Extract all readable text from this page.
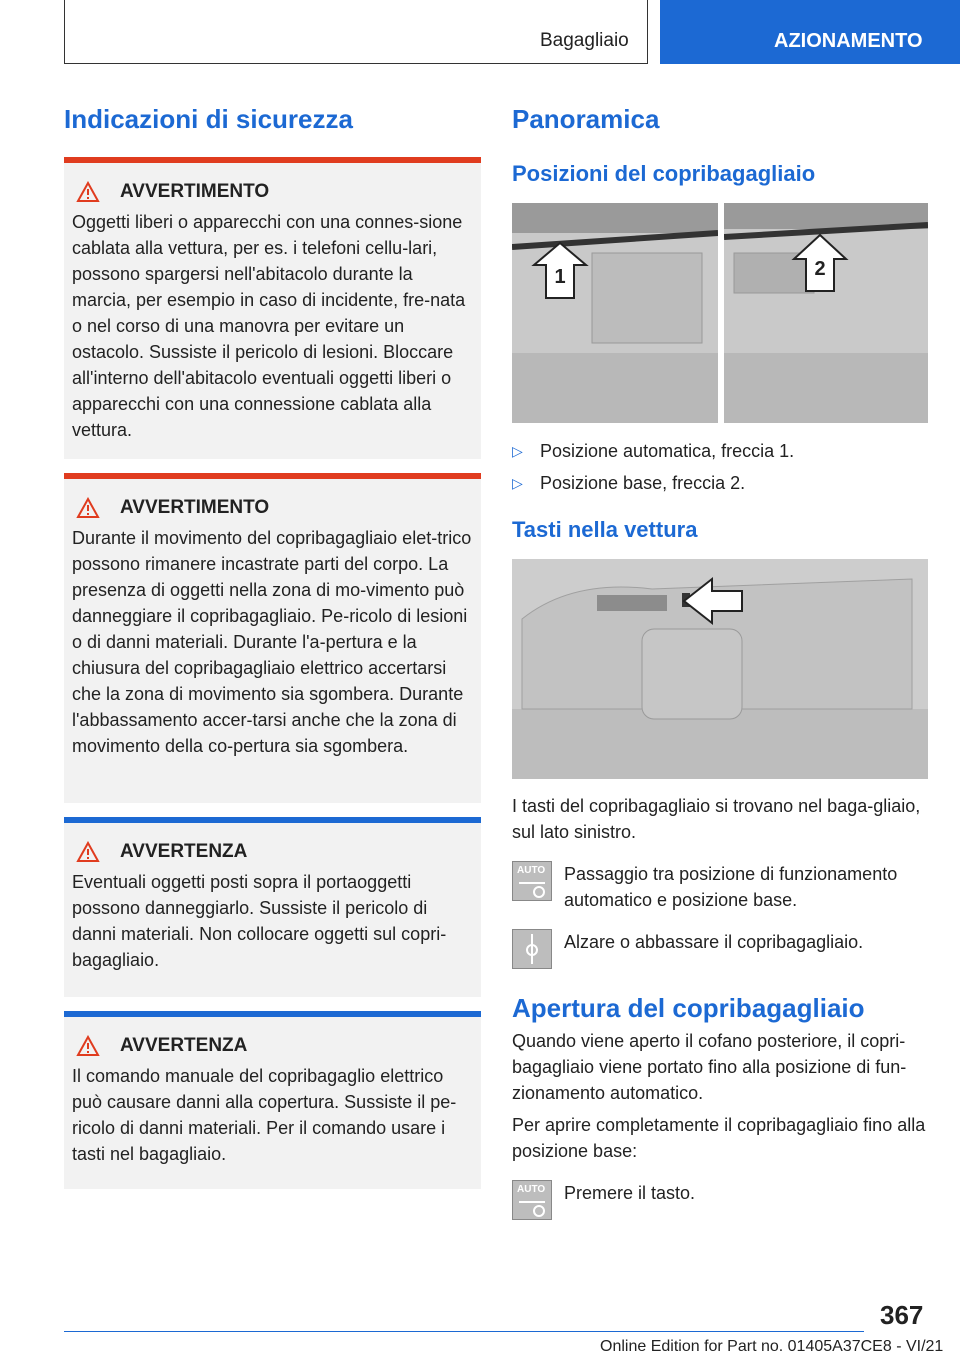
Bagagliaio	AZIONAMENTO
Indicazioni di sicurezza
AVVERTIMENTO
Oggetti liberi o apparecchi con una connes-sione cablata alla vettura, per es. i telefoni cellu-lari, possono spargersi nell'abitacolo durante la marcia, per esempio in caso di incidente, fre-nata o nel corso di una manovra per evitare un ostacolo. Sussiste il pericolo di lesioni. Bloccare all'interno dell'abitacolo eventuali oggetti liberi o apparecchi con una connessione cablata alla vettura.
AVVERTIMENTO
Durante il movimento del copribagagliaio elet-trico possono rimanere incastrate parti del corpo. La presenza di oggetti nella zona di mo-vimento può danneggiare il copribagagliaio. Pe-ricolo di lesioni o di danni materiali. Durante l'a-pertura e la chiusura del copribagagliaio elettrico accertarsi che la zona di movimento sia sgombera. Durante l'abbassamento accer-tarsi anche che la zona di movimento della co-pertura sia sgombera.
AVVERTENZA
Eventuali oggetti posti sopra il portaoggetti possono danneggiarlo. Sussiste il pericolo di danni materiali. Non collocare oggetti sul copri-bagagliaio.
AVVERTENZA
Il comando manuale del copribagaglio elettrico può causare danni alla copertura. Sussiste il pe-ricolo di danni materiali. Per il comando usare i tasti nel bagagliaio.
Panoramica
Posizioni del copribagagliaio
1	2
▷ Posizione automatica, freccia 1.
▷ Posizione base, freccia 2.
Tasti nella vettura

I tasti del copribagagliaio si trovano nel baga-gliaio, sul lato sinistro.

AUTO Passaggio tra posizione di funzionamento automatico e posizione base.

Alzare o abbassare il copribagagliaio.

Apertura del copribagagliaio

Quando viene aperto il cofano posteriore, il copri-bagagliaio viene portato fino alla posizione di fun-zionamento automatico.

Per aprire completamente il copribagagliaio fino alla posizione base:

AUTO Premere il tasto.

367
Online Edition for Part no. 01405A37CE8 - VI/21
